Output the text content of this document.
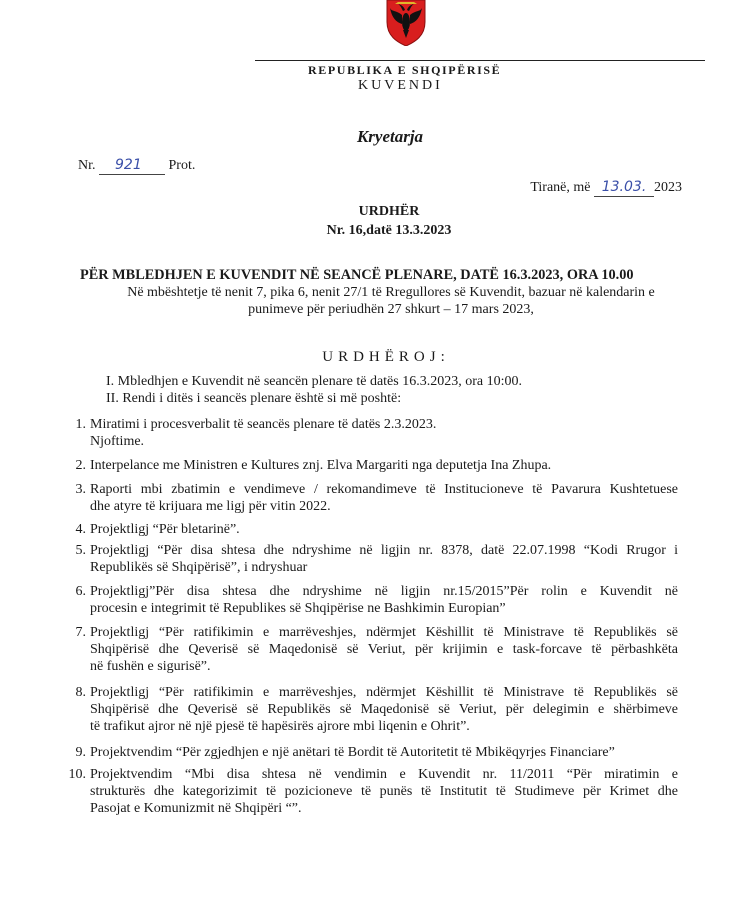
REPUBLIKA E SHQIPËRISË
KUVENDI
Kryetarja
Nr. 921 Prot.
Tiranë, më 13.03. 2023
URDHËR
Nr. 16,datë 13.3.2023
PËR MBLEDHJEN E KUVENDIT NË SEANCË PLENARE, DATË 16.3.2023, ORA 10.00
Në mbështetje të nenit 7, pika 6, nenit 27/1 të Rregullores së Kuvendit, bazuar në kalendarin e
punimeve për periudhën 27 shkurt – 17 mars 2023,
URDHËROJ:
I. Mbledhjen e Kuvendit në seancën plenare të datës 16.3.2023, ora 10:00.
II. Rendi i ditës i seancës plenare është si më poshtë:
1. Miratimi i procesverbalit të seancës plenare të datës 2.3.2023.
Njoftime.
2. Interpelance me Ministren e Kultures znj. Elva Margariti nga deputetja Ina Zhupa.
3. Raporti mbi zbatimin e vendimeve / rekomandimeve të Institucioneve të Pavarura Kushtetuese
dhe atyre të krijuara me ligj për vitin 2022.
4. Projektligj “Për bletarinë”.
5. Projektligj “Për disa shtesa dhe ndryshime në ligjin nr. 8378, datë 22.07.1998 “Kodi Rrugor i
Republikës së Shqipërisë”, i ndryshuar
6. Projektligj”Për disa shtesa dhe ndryshime në ligjin nr.15/2015”Për rolin e Kuvendit në
procesin e integrimit të Republikes së Shqipërise ne Bashkimin Europian”
7. Projektligj “Për ratifikimin e marrëveshjes, ndërmjet Këshillit të Ministrave të Republikës së
Shqipërisë dhe Qeverisë së Maqedonisë së Veriut, për krijimin e task-forcave të përbashkëta
në fushën e sigurisë”.
8. Projektligj “Për ratifikimin e marrëveshjes, ndërmjet Këshillit të Ministrave të Republikës së
Shqipërisë dhe Qeverisë së Republikës së Maqedonisë së Veriut, për delegimin e shërbimeve
të trafikut ajror në një pjesë të hapësirës ajrore mbi liqenin e Ohrit”.
9. Projektvendim “Për zgjedhjen e një anëtari të Bordit të Autoritetit të Mbikëqyrjes Financiare”
10. Projektvendim “Mbi disa shtesa në vendimin e Kuvendit nr. 11/2011 “Për miratimin e
strukturës dhe kategorizimit të pozicioneve të punës të Institutit të Studimeve për Krimet dhe
Pasojat e Komunizmit në Shqipëri “”.
